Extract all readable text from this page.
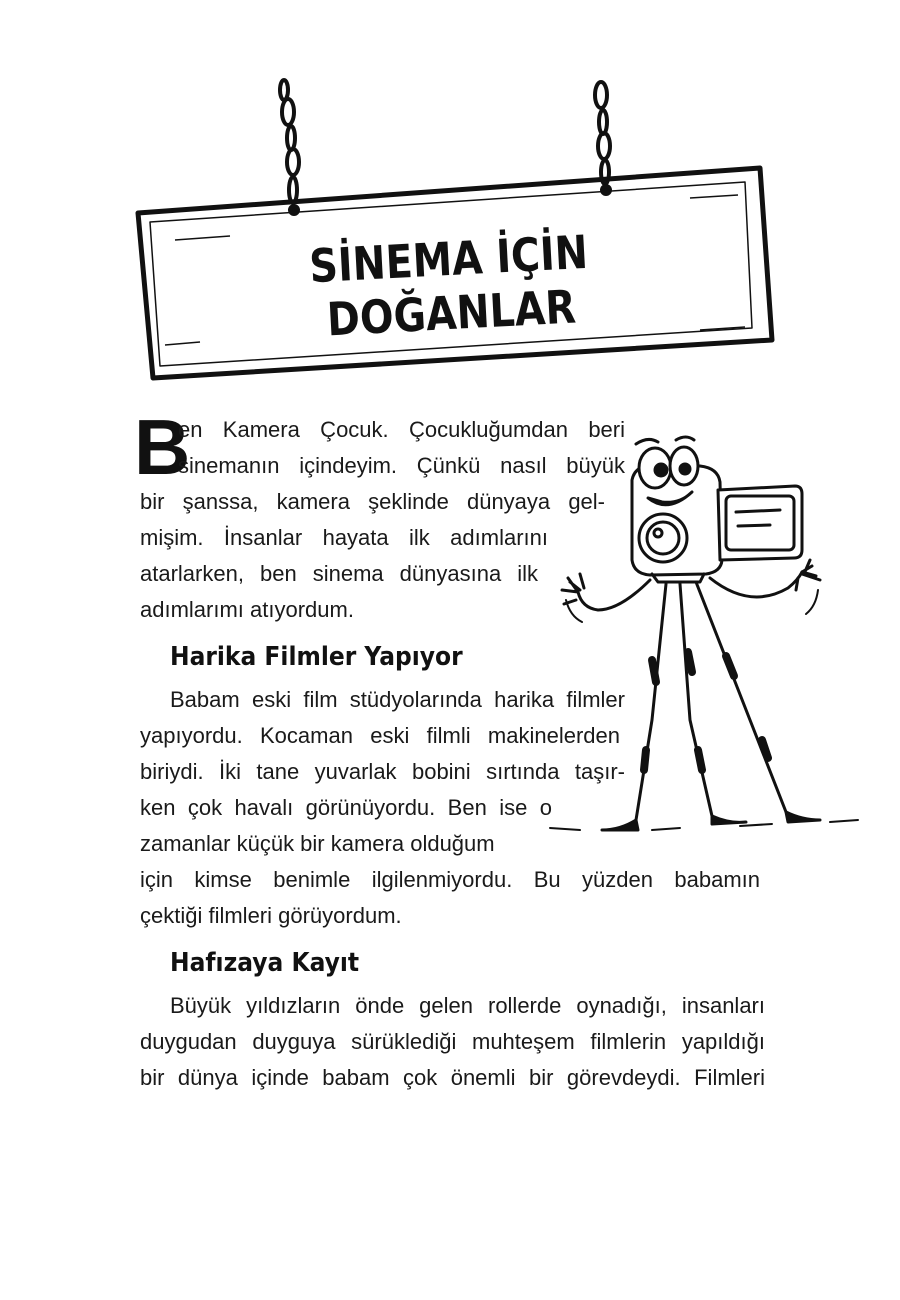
SİNEMA İÇİN DOĞANLAR
B
en Kamera Çocuk. Çocukluğumdan beri
sinemanın içindeyim. Çünkü nasıl büyük
bir şanssa, kamera şeklinde dünyaya gel-
mişim. İnsanlar hayata ilk adımlarını
atarlarken, ben sinema dünyasına ilk
adımlarımı atıyordum.
Harika Filmler Yapıyor
Babam eski film stüdyolarında harika filmler
yapıyordu. Kocaman eski filmli makinelerden
biriydi. İki tane yuvarlak bobini sırtında taşır-
ken çok havalı görünüyordu. Ben ise o
zamanlar küçük bir kamera olduğum
için kimse benimle ilgilenmiyordu. Bu yüzden babamın
çektiği filmleri görüyordum.
Hafızaya Kayıt
Büyük yıldızların önde gelen rollerde oynadığı, insanları
duygudan duyguya sürüklediği muhteşem filmlerin yapıldığı
bir dünya içinde babam çok önemli bir görevdeydi. Filmleri
